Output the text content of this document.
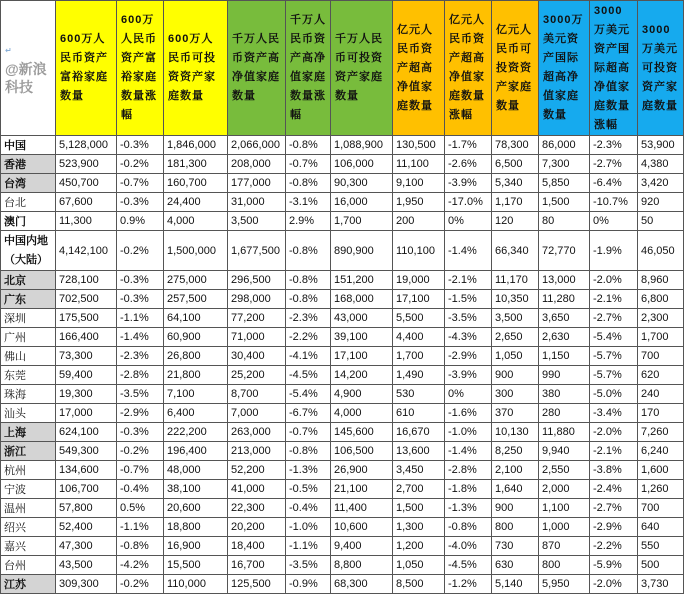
↵
@新浪科技	600万人民币资产富裕家庭数量	600万人民币资产富裕家庭数量涨幅	600万人民币可投资资产家庭数量	千万人民币资产高净值家庭数量	千万人民币资产高净值家庭数量涨幅	千万人民币可投资资产家庭数量	亿元人民币资产超高净值家庭数量	亿元人民币资产超高净值家庭数量涨幅	亿元人民币可投资资产家庭数量	3000万美元资产国际超高净值家庭数量	3000万美元资产国际超高净值家庭数量涨幅	3000万美元可投资资产家庭数量
中国	5,128,000	-0.3%	1,846,000	2,066,000	-0.8%	1,088,900	130,500	-1.7%	78,300	86,000	-2.3%	53,900
香港	523,900	-0.2%	181,300	208,000	-0.7%	106,000	11,100	-2.6%	6,500	7,300	-2.7%	4,380
台湾	450,700	-0.7%	160,700	177,000	-0.8%	90,300	9,100	-3.9%	5,340	5,850	-6.4%	3,420
台北	67,600	-0.3%	24,400	31,000	-3.1%	16,000	1,950	-17.0%	1,170	1,500	-10.7%	920
澳门	11,300	0.9%	4,000	3,500	2.9%	1,700	200	0%	120	80	0%	50
中国内地（大陆）	4,142,100	-0.2%	1,500,000	1,677,500	-0.8%	890,900	110,100	-1.4%	66,340	72,770	-1.9%	46,050
北京	728,100	-0.3%	275,000	296,500	-0.8%	151,200	19,000	-2.1%	11,170	13,000	-2.0%	8,960
广东	702,500	-0.3%	257,500	298,000	-0.8%	168,000	17,100	-1.5%	10,350	11,280	-2.1%	6,800
深圳	175,500	-1.1%	64,100	77,200	-2.3%	43,000	5,500	-3.5%	3,500	3,650	-2.7%	2,300
广州	166,400	-1.4%	60,900	71,000	-2.2%	39,100	4,400	-4.3%	2,650	2,630	-5.4%	1,700
佛山	73,300	-2.3%	26,800	30,400	-4.1%	17,100	1,700	-2.9%	1,050	1,150	-5.7%	700
东莞	59,400	-2.8%	21,800	25,200	-4.5%	14,200	1,490	-3.9%	900	990	-5.7%	620
珠海	19,300	-3.5%	7,100	8,700	-5.4%	4,900	530	0%	300	380	-5.0%	240
汕头	17,000	-2.9%	6,400	7,000	-6.7%	4,000	610	-1.6%	370	280	-3.4%	170
上海	624,100	-0.3%	222,200	263,000	-0.7%	145,600	16,670	-1.0%	10,130	11,880	-2.0%	7,260
浙江	549,300	-0.2%	196,400	213,000	-0.8%	106,500	13,600	-1.4%	8,250	9,940	-2.1%	6,240
杭州	134,600	-0.7%	48,000	52,200	-1.3%	26,900	3,450	-2.8%	2,100	2,550	-3.8%	1,600
宁波	106,700	-0.4%	38,100	41,000	-0.5%	21,100	2,700	-1.8%	1,640	2,000	-2.4%	1,260
温州	57,800	0.5%	20,600	22,300	-0.4%	11,400	1,500	-1.3%	900	1,100	-2.7%	700
绍兴	52,400	-1.1%	18,800	20,200	-1.0%	10,600	1,300	-0.8%	800	1,000	-2.9%	640
嘉兴	47,300	-0.8%	16,900	18,400	-1.1%	9,400	1,200	-4.0%	730	870	-2.2%	550
台州	43,500	-4.2%	15,500	16,700	-3.5%	8,800	1,050	-4.5%	630	800	-5.9%	500
江苏	309,300	-0.2%	110,000	125,500	-0.9%	68,300	8,500	-1.2%	5,140	5,950	-2.0%	3,730
